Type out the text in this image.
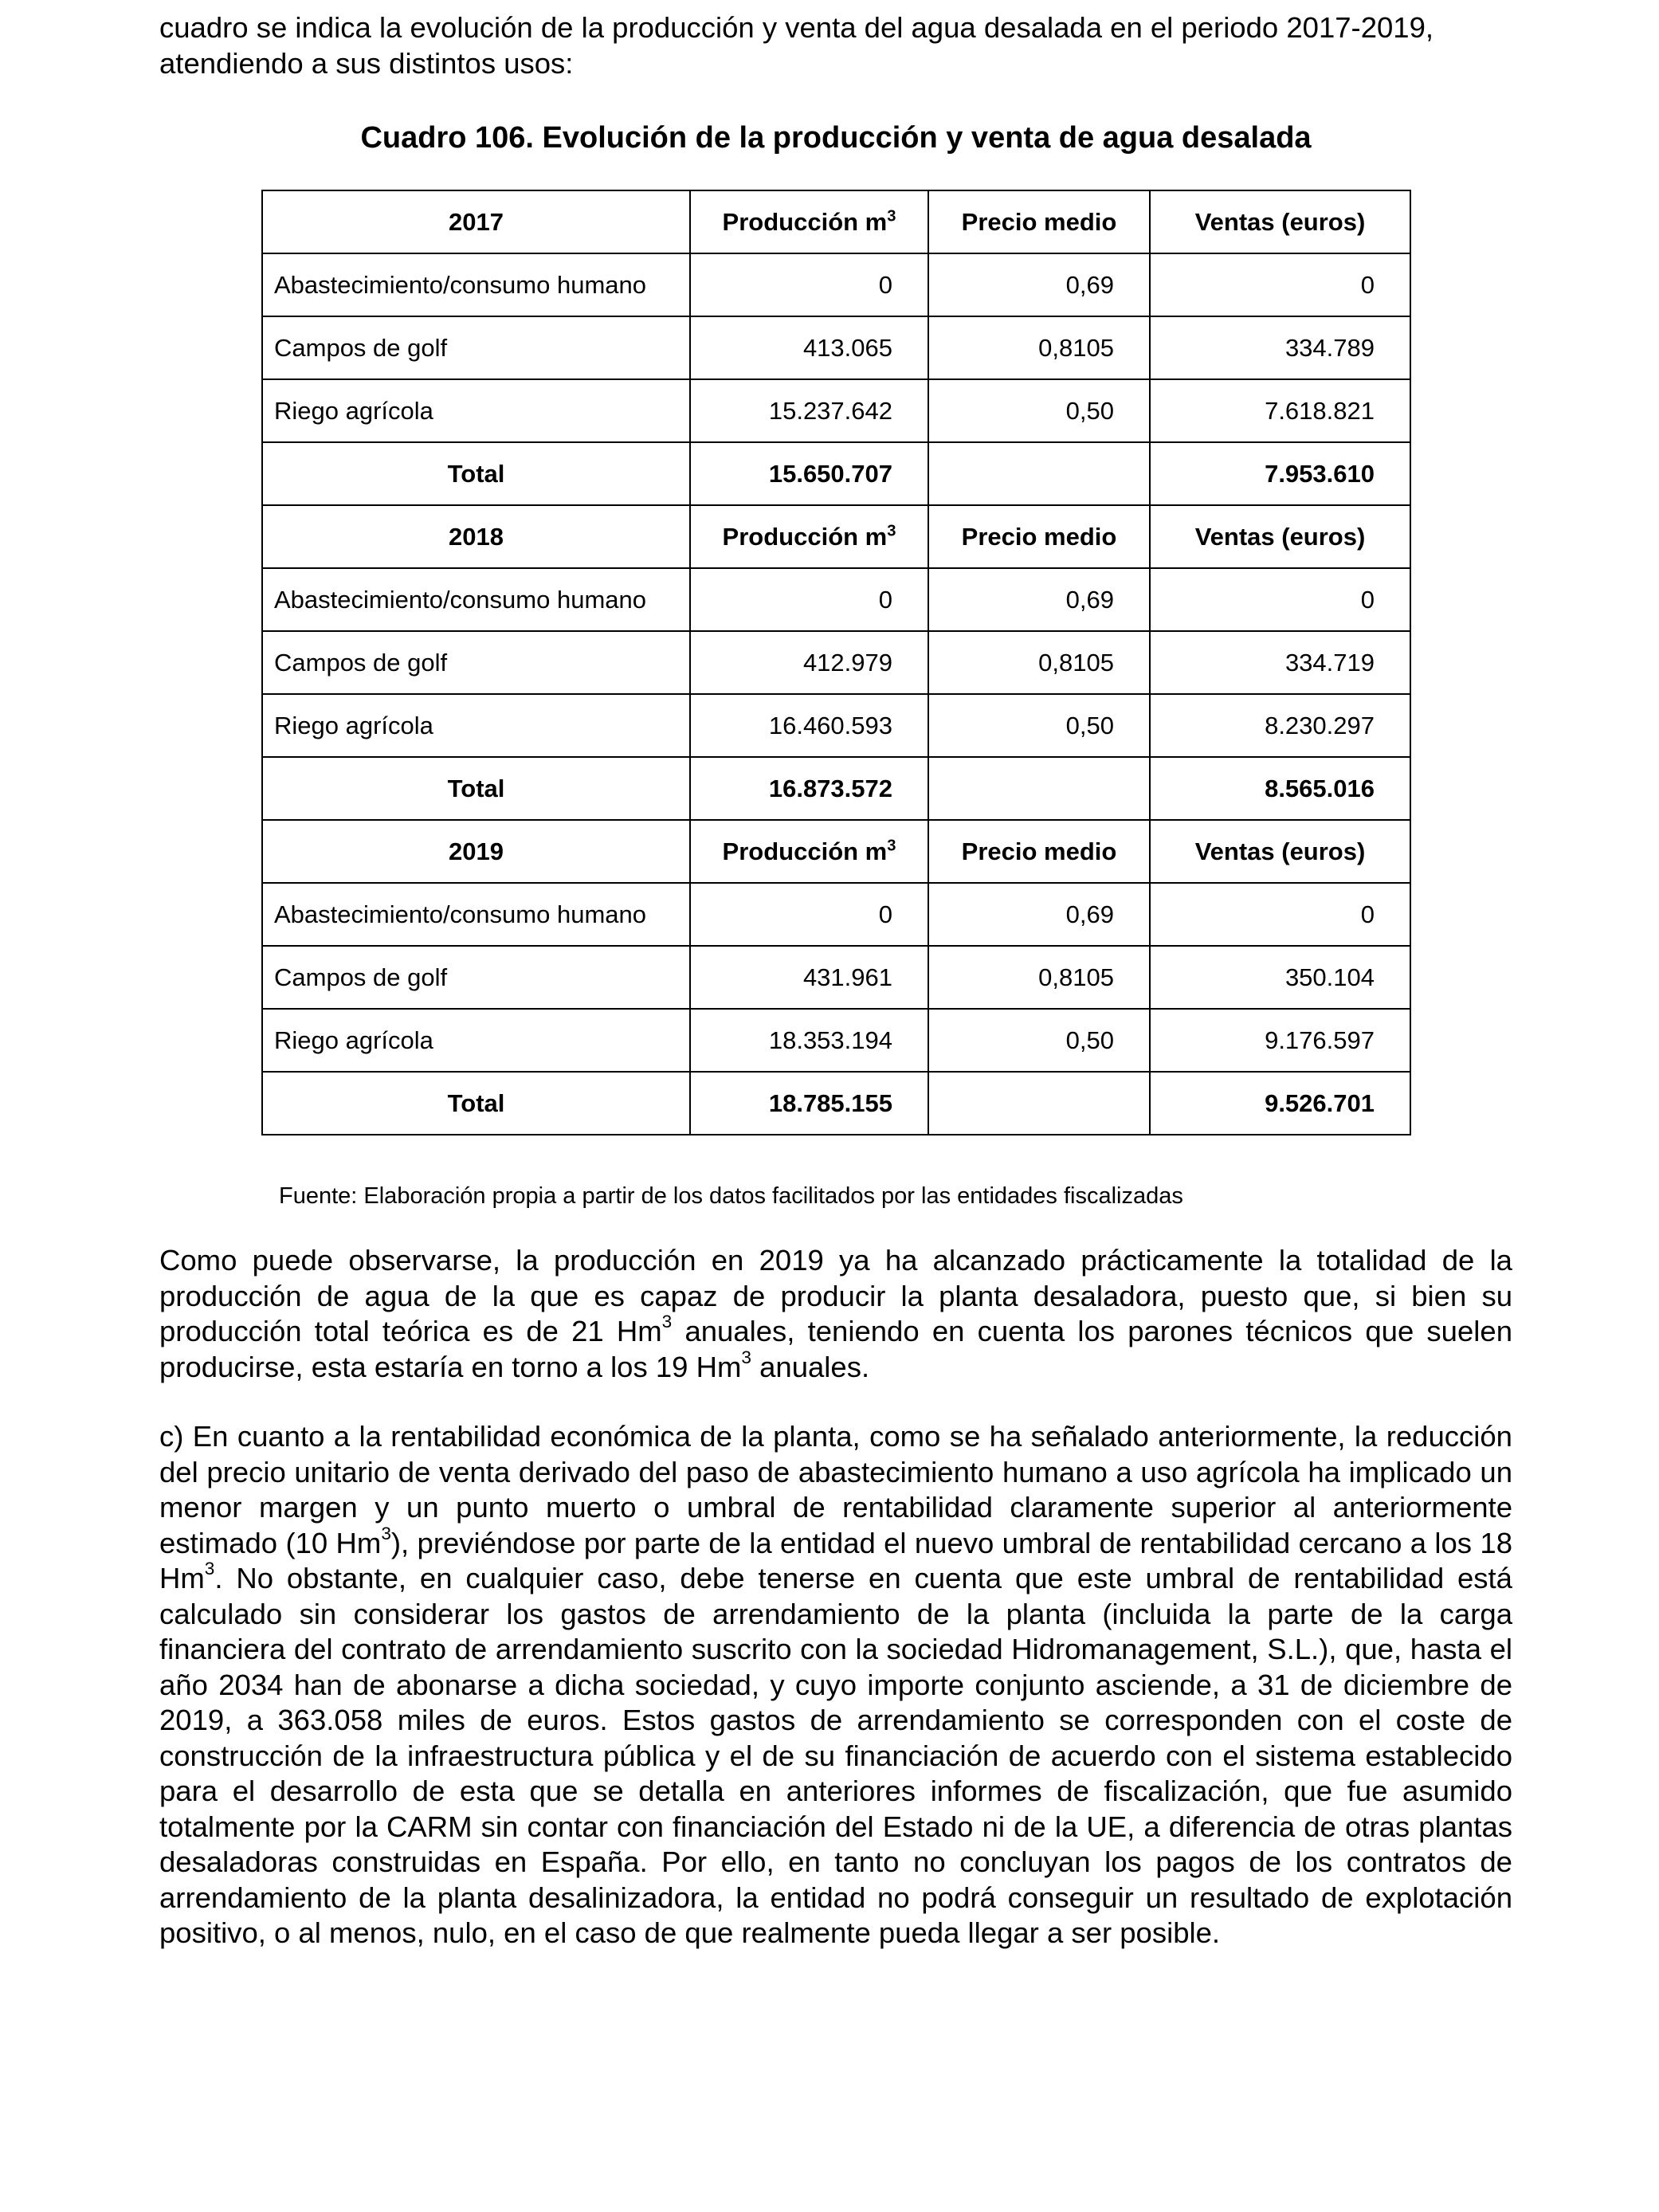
cuadro se indica la evolución de la producción y venta del agua desalada en el periodo 2017-2019, atendiendo a sus distintos usos:

Cuadro 106. Evolución de la producción y venta de agua desalada

2017	Producción $m^3$	Precio medio	Ventas (euros)
Abastecimiento/consumo humano	0	0,69	0
Campos de golf	413.065	0,8105	334.789
Riego agrícola	15.237.642	0,50	7.618.821
Total	15.650.707		7.953.610
2018	Producción $m^3$	Precio medio	Ventas (euros)
Abastecimiento/consumo humano	0	0,69	0
Campos de golf	412.979	0,8105	334.719
Riego agrícola	16.460.593	0,50	8.230.297
Total	16.873.572		8.565.016
2019	Producción $m^3$	Precio medio	Ventas (euros)
Abastecimiento/consumo humano	0	0,69	0
Campos de golf	431.961	0,8105	350.104
Riego agrícola	18.353.194	0,50	9.176.597
Total	18.785.155		9.526.701

Fuente: Elaboración propia a partir de los datos facilitados por las entidades fiscalizadas

Como puede observarse, la producción en 2019 ya ha alcanzado prácticamente la totalidad de la producción de agua de la que es capaz de producir la planta desaladora, puesto que, si bien su producción total teórica es de 21 Hm$^3$ anuales, teniendo en cuenta los parones técnicos que suelen producirse, esta estaría en torno a los 19 Hm$^3$ anuales.

c) En cuanto a la rentabilidad económica de la planta, como se ha señalado anteriormente, la reducción del precio unitario de venta derivado del paso de abastecimiento humano a uso agrícola ha implicado un menor margen y un punto muerto o umbral de rentabilidad claramente superior al anteriormente estimado (10 Hm$^3$), previéndose por parte de la entidad el nuevo umbral de rentabilidad cercano a los 18 Hm$^3$. No obstante, en cualquier caso, debe tenerse en cuenta que este umbral de rentabilidad está calculado sin considerar los gastos de arrendamiento de la planta (incluida la parte de la carga financiera del contrato de arrendamiento suscrito con la sociedad Hidromanagement, S.L.), que, hasta el año 2034 han de abonarse a dicha sociedad, y cuyo importe conjunto asciende, a 31 de diciembre de 2019, a 363.058 miles de euros. Estos gastos de arrendamiento se corresponden con el coste de construcción de la infraestructura pública y el de su financiación de acuerdo con el sistema establecido para el desarrollo de esta que se detalla en anteriores informes de fiscalización, que fue asumido totalmente por la CARM sin contar con financiación del Estado ni de la UE, a diferencia de otras plantas desaladoras construidas en España. Por ello, en tanto no concluyan los pagos de los contratos de arrendamiento de la planta desalinizadora, la entidad no podrá conseguir un resultado de explotación positivo, o al menos, nulo, en el caso de que realmente pueda llegar a ser posible.
